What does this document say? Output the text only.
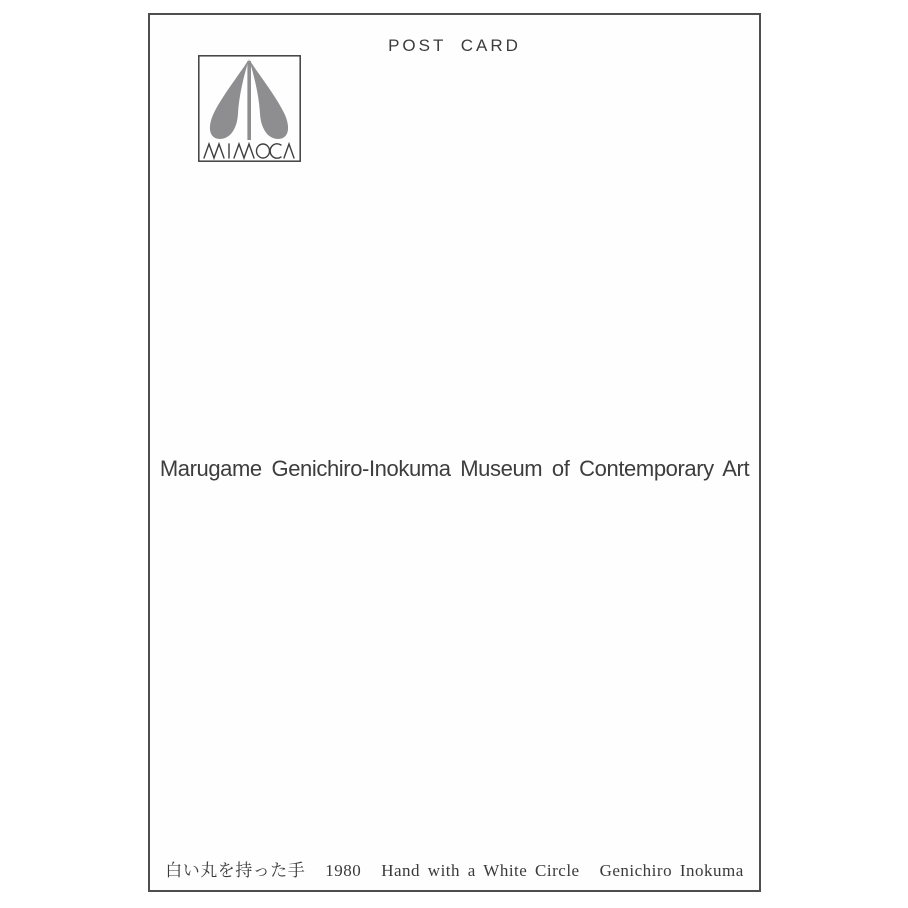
POST CARD
Marugame Genichiro-Inokuma Museum of Contemporary Art
白い丸を持った手 1980 Hand with a White Circle Genichiro Inokuma
